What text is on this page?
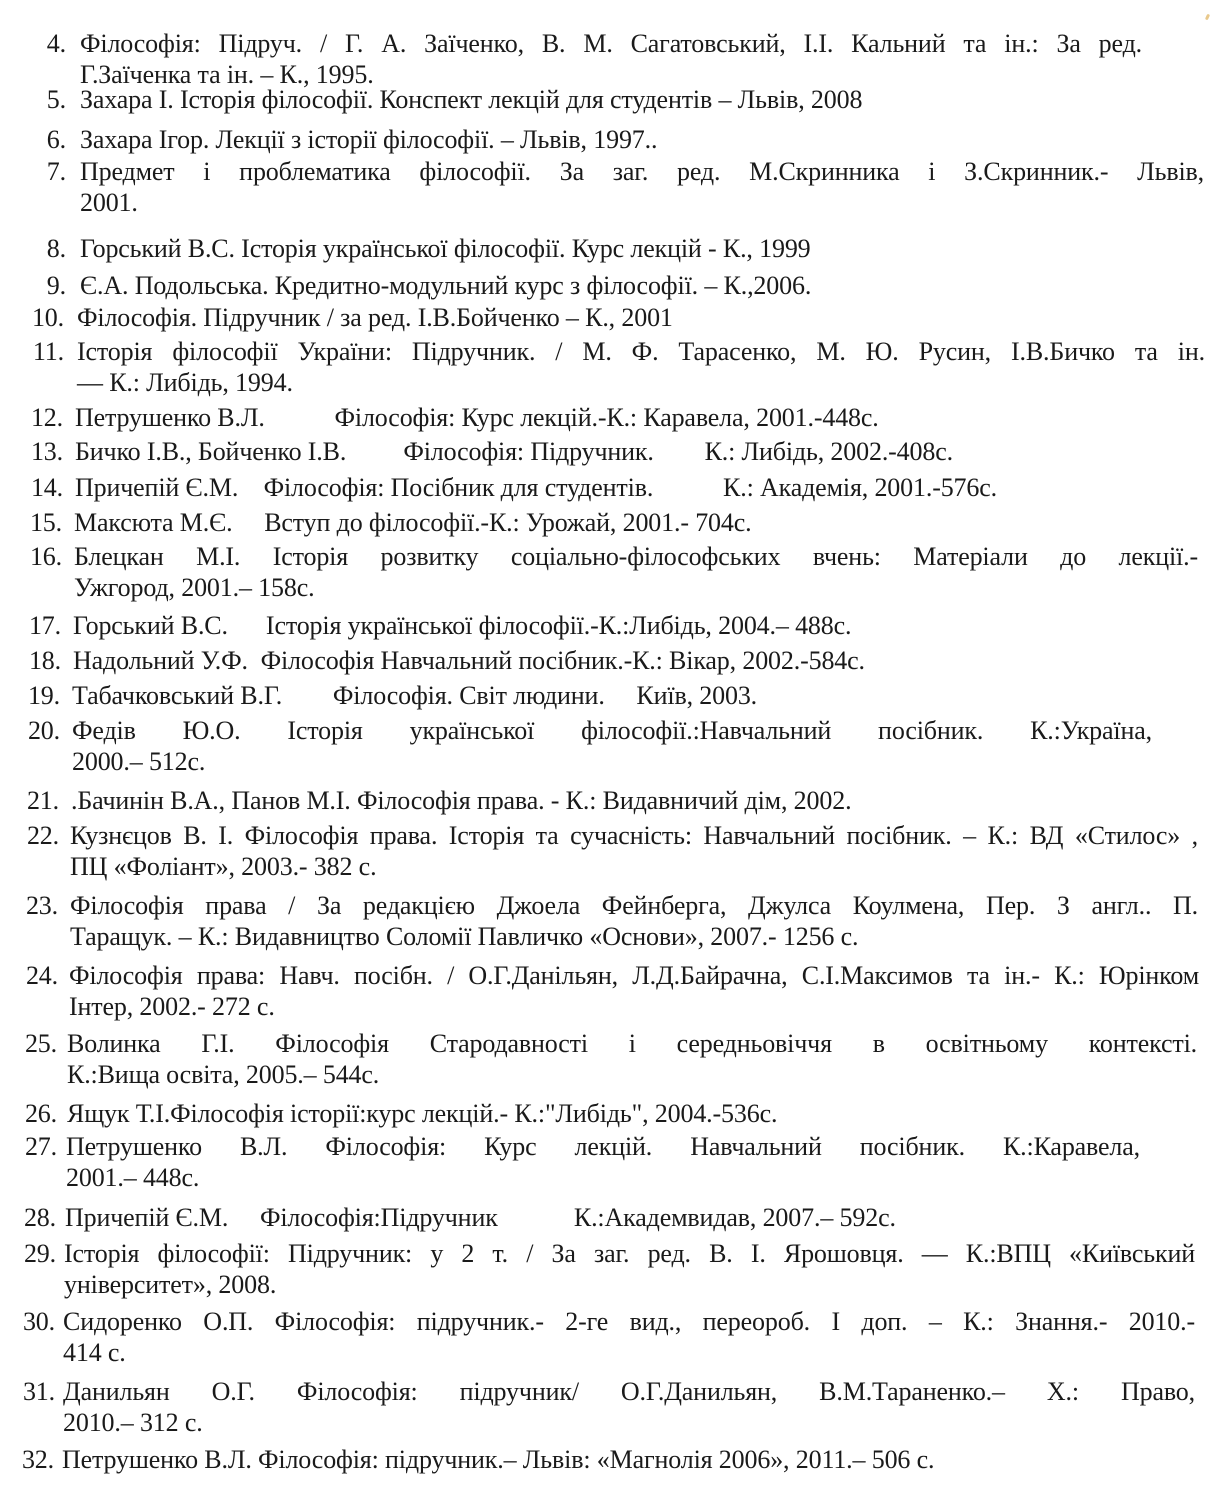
4. Філософія: Підруч. / Г. А. Заїченко, В. М. Сагатовський, І.І. Кальний та ін.: За ред.
Г.Заїченка та ін. – К., 1995.
5. Захара І. Історія філософії. Конспект лекцій для студентів – Львів, 2008
6. Захара Ігор. Лекції з історії філософії. – Львів, 1997..
7. Предмет і проблематика філософії. За заг. ред. М.Скринника і З.Скринник.- Львів,
2001.
8. Горський В.С. Історія української філософії. Курс лекцій - К., 1999
9. Є.А. Подольська. Кредитно-модульний курс з філософії. – К.,2006.
10. Філософія. Підручник / за ред. І.В.Бойченко – К., 2001
11. Історія філософії України: Підручник. / М. Ф. Тарасенко, М. Ю. Русин, І.В.Бичко та ін.
— К.: Либідь, 1994.
12. Петрушенко В.Л.           Філософія: Курс лекцій.-К.: Каравела, 2001.-448с.
13. Бичко І.В., Бойченко І.В.         Філософія: Підручник.        К.: Либідь, 2002.-408с.
14. Причепій Є.М.    Філософія: Посібник для студентів.           К.: Академія, 2001.-576с.
15. Максюта М.Є.     Вступ до філософії.-К.: Урожай, 2001.- 704с.
16. Блецкан М.І. Історія розвитку соціально-філософських вчень: Матеріали до лекції.-
Ужгород, 2001.– 158с.
17. Горський В.С.      Історія української філософії.-К.:Либідь, 2004.– 488с.
18. Надольний У.Ф.  Філософія Навчальний посібник.-К.: Вікар, 2002.-584с.
19. Табачковський В.Г.        Філософія. Світ людини.     Київ, 2003.
20. Федів Ю.О. Історія української філософії.:Навчальний посібник. К.:Україна,
2000.– 512с.
21. .Бачинін В.А., Панов М.І. Філософія права. - К.: Видавничий дім, 2002.
22. Кузнєцов В. І. Філософія права. Історія та сучасність: Навчальний посібник. – К.: ВД «Стилос» ,
ПЦ «Фоліант», 2003.- 382 с.
23. Філософія права / За редакцією Джоела Фейнберга, Джулса Коулмена, Пер. З англ.. П.
Таращук. – К.: Видавництво Соломії Павличко «Основи», 2007.- 1256 с.
24. Філософія права: Навч. посібн. / О.Г.Данільян, Л.Д.Байрачна, С.І.Максимов та ін.- К.: Юрінком
Інтер, 2002.- 272 с.
25. Волинка Г.І. Філософія Стародавності і середньовіччя в освітньому контексті.
К.:Вища освіта, 2005.– 544с.
26. Ящук Т.І.Філософія історії:курс лекцій.- К.:"Либідь", 2004.-536с.
27. Петрушенко В.Л. Філософія: Курс лекцій. Навчальний посібник. К.:Каравела,
2001.– 448с.
28. Причепій Є.М.     Філософія:Підручник            К.:Академвидав, 2007.– 592с.
29. Історія філософії: Підручник: у 2 т. / За заг. ред. В. І. Ярошовця. — К.:ВПЦ «Київський
університет», 2008.
30. Сидоренко О.П. Філософія: підручник.- 2-ге вид., переороб. І доп. – К.: Знання.- 2010.-
414 с.
31. Данильян О.Г. Філософія: підручник/ О.Г.Данильян, В.М.Тараненко.– Х.: Право,
2010.– 312 с.
32. Петрушенко В.Л. Філософія: підручник.– Львів: «Магнолія 2006», 2011.– 506 с.
